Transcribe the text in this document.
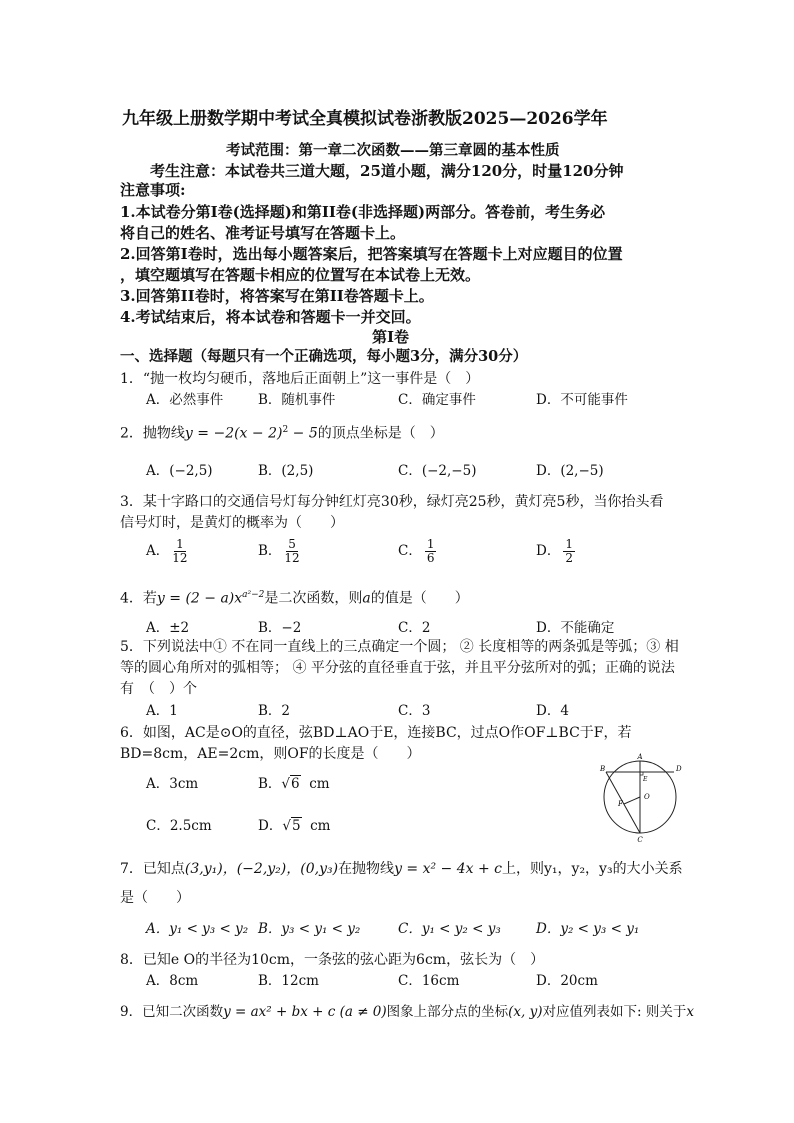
九年级上册数学期中考试全真模拟试卷浙教版2025—2026学年
考试范围：第一章二次函数——第三章圆的基本性质
考生注意：本试卷共三道大题，25道小题，满分120分，时量120分钟
注意事项:
1.本试卷分第Ⅰ卷(选择题)和第II卷(非选择题)两部分。答卷前，考生务必
将自己的姓名、准考证号填写在答题卡上。
2.回答第Ⅰ卷时，选出每小题答案后，把答案填写在答题卡上对应题目的位置
，填空题填写在答题卡相应的位置写在本试卷上无效。
3.回答第II卷时，将答案写在第II卷答题卡上。
4.考试结束后，将本试卷和答题卡一并交回。
第Ⅰ卷
一、选择题（每题只有一个正确选项，每小题3分，满分30分）
1．“抛一枚均匀硬币，落地后正面朝上”这一事件是（　）
A．必然事件	B．随机事件	C．确定事件	D．不可能事件
2．抛物线$y = -2(x - 2)^2 - 5$的顶点坐标是（　）
A．(−2,5)	B．(2,5)	C．(−2,−5)	D．(2,−5)
3．某十字路口的交通信号灯每分钟红灯亮30秒，绿灯亮25秒，黄灯亮5秒，当你抬头看
信号灯时，是黄灯的概率为（　　）
A． $\frac{1}{12}$	B． $\frac{5}{12}$	C． $\frac{1}{6}$	D． $\frac{1}{2}$
4．若$y = (2 - a)x^{a^2-2}$是二次函数，则a的值是（　　）
A．±2	B．−2	C．2	D．不能确定
5．下列说法中① 不在同一直线上的三点确定一个圆； ② 长度相等的两条弧是等弧；③ 相
等的圆心角所对的弧相等； ④ 平分弦的直径垂直于弦，并且平分弦所对的弧；正确的说法
有　（　）个
A．1	B．2	C．3	D．4
6．如图，AC是⊙O的直径，弦BD⊥AO于E，连接BC，过点O作OF⊥BC于F，若
BD=8cm，AE=2cm，则OF的长度是（　　）
A．3cm	B．√6 cm
C．2.5cm	D．√5 cm
A
B	D
E
O
F
C
7．已知点(3,y₁)，(−2,y₂)，(0,y₃)在抛物线y = x² − 4x + c上，则y₁，y₂，y₃的大小关系
是（　　）
A．y₁ < y₃ < y₂ B．y₃ < y₁ < y₂	C．y₁ < y₂ < y₃	D．y₂ < y₃ < y₁
8．已知e O的半径为10cm，一条弦的弦心距为6cm，弦长为（　）
A．8cm	B．12cm	C．16cm	D．20cm
9．已知二次函数y = ax² + bx + c (a ≠ 0)图象上部分点的坐标(x, y)对应值列表如下: 则关于x
